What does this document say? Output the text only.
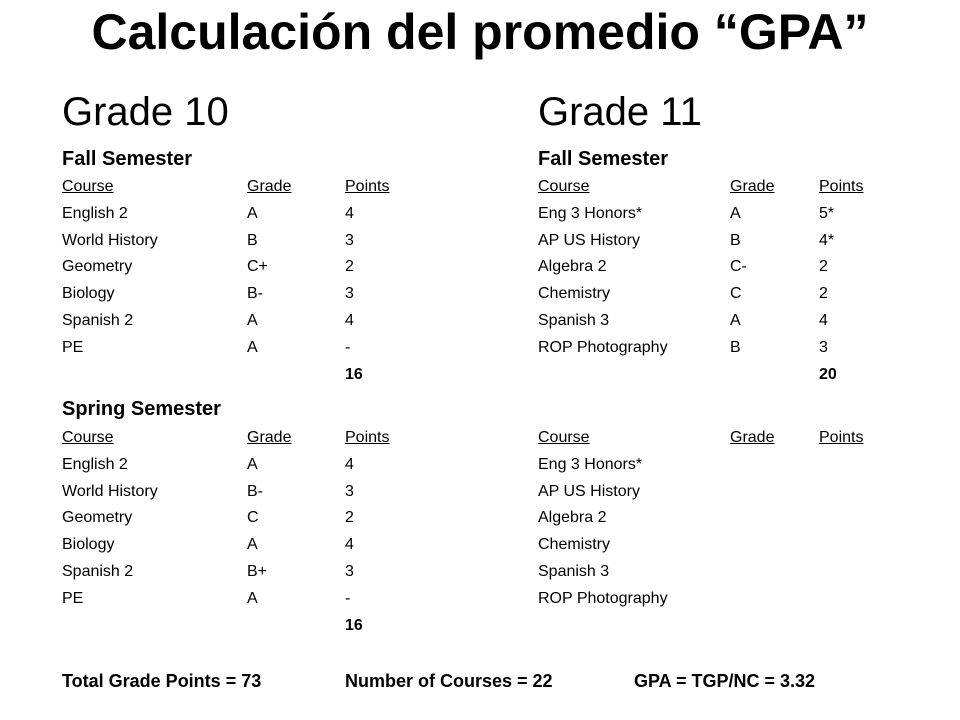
Calculación del promedio “GPA”
Grade 10	Grade 11
Fall Semester	Fall Semester
Spring Semester
Course	Grade	Points
English 2	A	4
World History	B	3
Geometry	C+	2
Biology	B-	3
Spanish 2	A	4
PE	A	-
16
Course	Grade	Points
Eng 3 Honors*	A	5*
AP US History	B	4*
Algebra 2	C-	2
Chemistry	C	2
Spanish 3	A	4
ROP Photography	B	3
20
Course	Grade	Points
English 2	A	4
World History	B-	3
Geometry	C	2
Biology	A	4
Spanish 2	B+	3
PE	A	-
16
Course	Grade	Points
Eng 3 Honors*
AP US History
Algebra 2
Chemistry
Spanish 3
ROP Photography
Total Grade Points = 73	Number of Courses = 22	GPA = TGP/NC = 3.32
